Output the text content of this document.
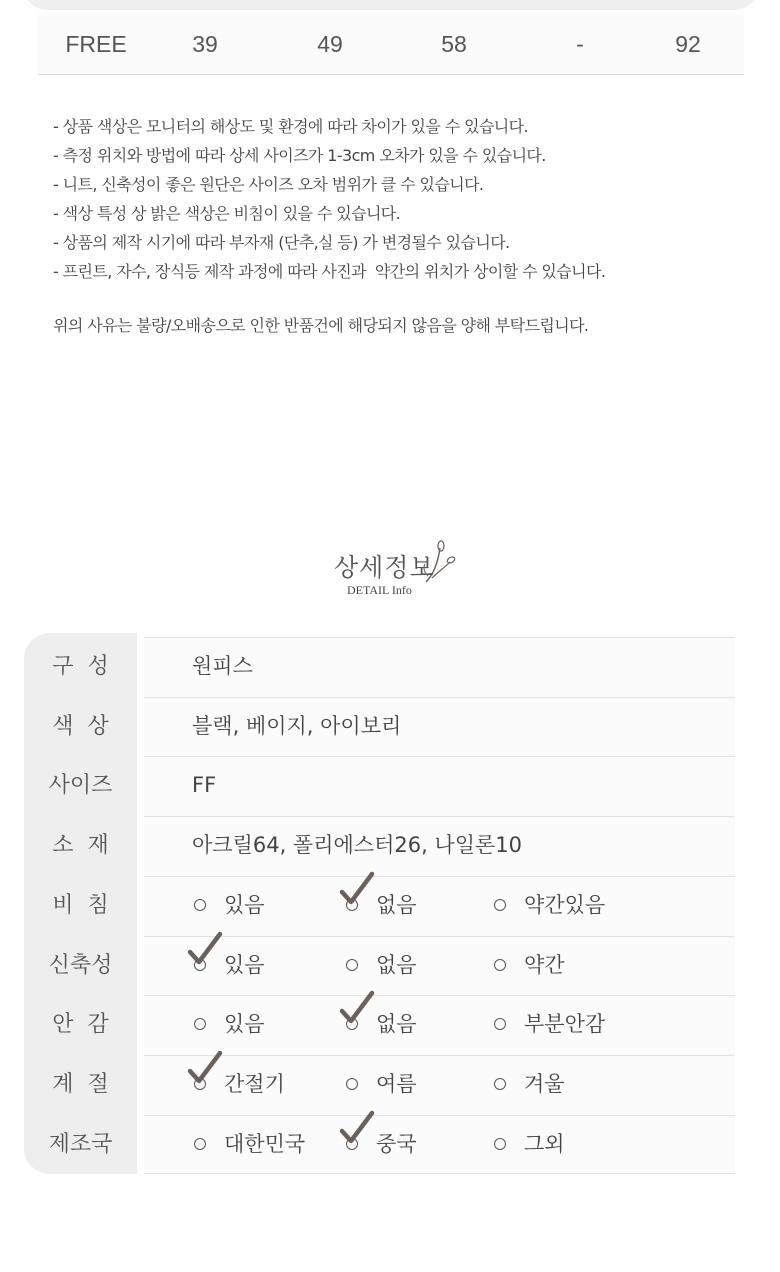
FREE	39	49	58	-	92
- 상품 색상은 모니터의 해상도 및 환경에 따라 차이가 있을 수 있습니다.
- 측정 위치와 방법에 따라 상세 사이즈가 1-3cm 오차가 있을 수 있습니다.
- 니트, 신축성이 좋은 원단은 사이즈 오차 범위가 클 수 있습니다.
- 색상 특성 상 밝은 색상은 비침이 있을 수 있습니다.
- 상품의 제작 시기에 따라 부자재 (단추,실 등) 가 변경될수 있습니다.
- 프린트, 자수, 장식등 제작 과정에 따라 사진과  약간의 위치가 상이할 수 있습니다.
위의 사유는 불량/오배송으로 인한 반품건에 해당되지 않음을 양해 부탁드립니다.
상세정보
DETAIL Info
구  성	원피스
색  상	블랙, 베이지, 아이보리
사이즈	FF
소  재	아크릴64, 폴리에스터26, 나일론10
비  침	있음	없음	약간있음
신축성	있음	없음	약간
안  감	있음	없음	부분안감
계  절	간절기	여름	겨울
제조국	대한민국	중국	그외
